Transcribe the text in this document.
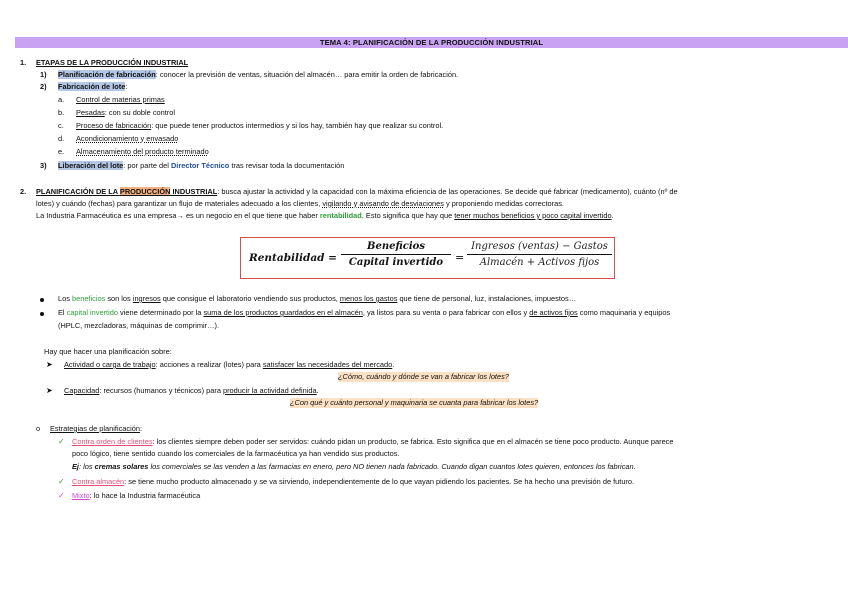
TEMA 4: PLANIFICACIÓN DE LA PRODUCCIÓN INDUSTRIAL
1. ETAPAS DE LA PRODUCCIÓN INDUSTRIAL
1) Planificación de fabricación: conocer la previsión de ventas, situación del almacén… para emitir la orden de fabricación.
2) Fabricación de lote:
a. Control de materias primas
b. Pesadas: con su doble control
c. Proceso de fabricación: que puede tener productos intermedios y si los hay, también hay que realizar su control.
d. Acondicionamiento y envasado
e. Almacenamiento del producto terminado
3) Liberación del lote: por parte del Director Técnico tras revisar toda la documentación
2. PLANIFICACIÓN DE LA PRODUCCIÓN INDUSTRIAL: busca ajustar la actividad y la capacidad con la máxima eficiencia de las operaciones. Se decide qué fabricar (medicamento), cuánto (nº de
lotes) y cuándo (fechas) para garantizar un flujo de materiales adecuado a los clientes, vigilando y avisando de desviaciones y proponiendo medidas correctoras.
La Industria Farmacéutica es una empresa→ es un negocio en el que tiene que haber rentabilidad. Esto significa que hay que tener muchos beneficios y poco capital invertido.
Rentabilidad =
Beneficios
Capital invertido	=
Ingresos (ventas) − Gastos
Almacén + Activos fijos
Los beneficios son los ingresos que consigue el laboratorio vendiendo sus productos, menos los gastos que tiene de personal, luz, instalaciones, impuestos…
El capital invertido viene determinado por la suma de los productos guardados en el almacén, ya listos para su venta o para fabricar con ellos y de activos fijos como maquinaria y equipos
(HPLC, mezcladoras, máquinas de comprimir…).
Hay que hacer una planificación sobre:
➤ Actividad o carga de trabajo: acciones a realizar (lotes) para satisfacer las necesidades del mercado.
¿Cómo, cuándo y dónde se van a fabricar los lotes?
➤ Capacidad: recursos (humanos y técnicos) para producir la actividad definida.
¿Con qué y cuánto personal y maquinaria se cuanta para fabricar los lotes?
o Estrategias de planificación:
✓ Contra orden de clientes: los clientes siempre deben poder ser servidos: cuándo pidan un producto, se fabrica. Esto significa que en el almacén se tiene poco producto. Aunque parece
poco lógico, tiene sentido cuando los comerciales de la farmacéutica ya han vendido sus productos.
Ej: los cremas solares los comerciales se las venden a las farmacias en enero, pero NO tienen nada fabricado. Cuando digan cuantos lotes quieren, entonces los fabrican.
✓ Contra almacén: se tiene mucho producto almacenado y se va sirviendo, independientemente de lo que vayan pidiendo los pacientes. Se ha hecho una previsión de futuro.
✓ Mixto: lo hace la Industria farmacéutica
